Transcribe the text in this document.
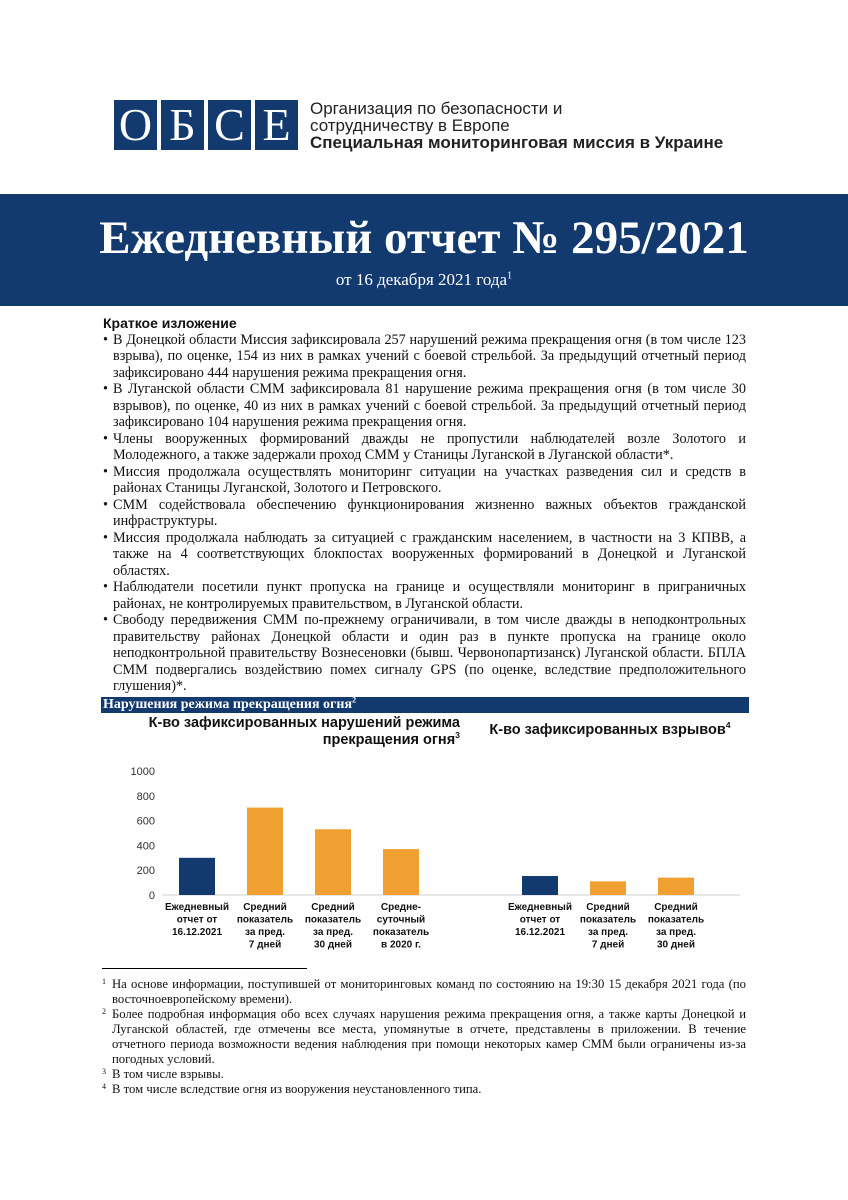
О Б С Е	Организация по безопасности и
сотрудничеству в Европе
Специальная мониторинговая миссия в Украине
Ежедневный отчет № 295/2021
от 16 декабря 2021 года$^1$
Краткое изложение
• В Донецкой области Миссия зафиксировала 257 нарушений режима прекращения огня (в том числе 123 взрыва), по оценке, 154 из них в рамках учений с боевой стрельбой. За предыдущий отчетный период зафиксировано 444 нарушения режима прекращения огня.
• В Луганской области СММ зафиксировала 81 нарушение режима прекращения огня (в том числе 30 взрывов), по оценке, 40 из них в рамках учений с боевой стрельбой. За предыдущий отчетный период зафиксировано 104 нарушения режима прекращения огня.
• Члены вооруженных формирований дважды не пропустили наблюдателей возле Золотого и Молодежного, а также задержали проход СММ у Станицы Луганской в Луганской области*.
• Миссия продолжала осуществлять мониторинг ситуации на участках разведения сил и средств в районах Станицы Луганской, Золотого и Петровского.
• СММ содействовала обеспечению функционирования жизненно важных объектов гражданской инфраструктуры.
• Миссия продолжала наблюдать за ситуацией с гражданским населением, в частности на 3 КПВВ, а также на 4 соответствующих блокпостах вооруженных формирований в Донецкой и Луганской областях.
• Наблюдатели посетили пункт пропуска на границе и осуществляли мониторинг в приграничных районах, не контролируемых правительством, в Луганской области.
• Свободу передвижения СММ по-прежнему ограничивали, в том числе дважды в неподконтрольных правительству районах Донецкой области и один раз в пункте пропуска на границе около неподконтрольной правительству Вознесеновки (бывш. Червонопартизанск) Луганской области. БПЛА СММ подвергались воздействию помех сигналу GPS (по оценке, вследствие предположительного глушения)*.
Нарушения режима прекращения огня$^2$
К-во зафиксированных нарушений режима
прекращения огня$^3$	К-во зафиксированных взрывов$^4$
0
200
400
600
800
1000
Ежедневный
отчет от
16.12.2021
Средний
показатель
за пред.
7 дней
Средний
показатель
за пред.
30 дней
Средне-
суточный
показатель
в 2020 г.
Ежедневный
отчет от
16.12.2021
Средний
показатель
за пред.
7 дней
Средний
показатель
за пред.
30 дней
1 На основе информации, поступившей от мониторинговых команд по состоянию на 19:30 15 декабря 2021 года (по восточноевропейскому времени).
2 Более подробная информация обо всех случаях нарушения режима прекращения огня, а также карты Донецкой и Луганской областей, где отмечены все места, упомянутые в отчете, представлены в приложении. В течение отчетного периода возможности ведения наблюдения при помощи некоторых камер СММ были ограничены из-за погодных условий.
3 В том числе взрывы.
4 В том числе вследствие огня из вооружения неустановленного типа.
